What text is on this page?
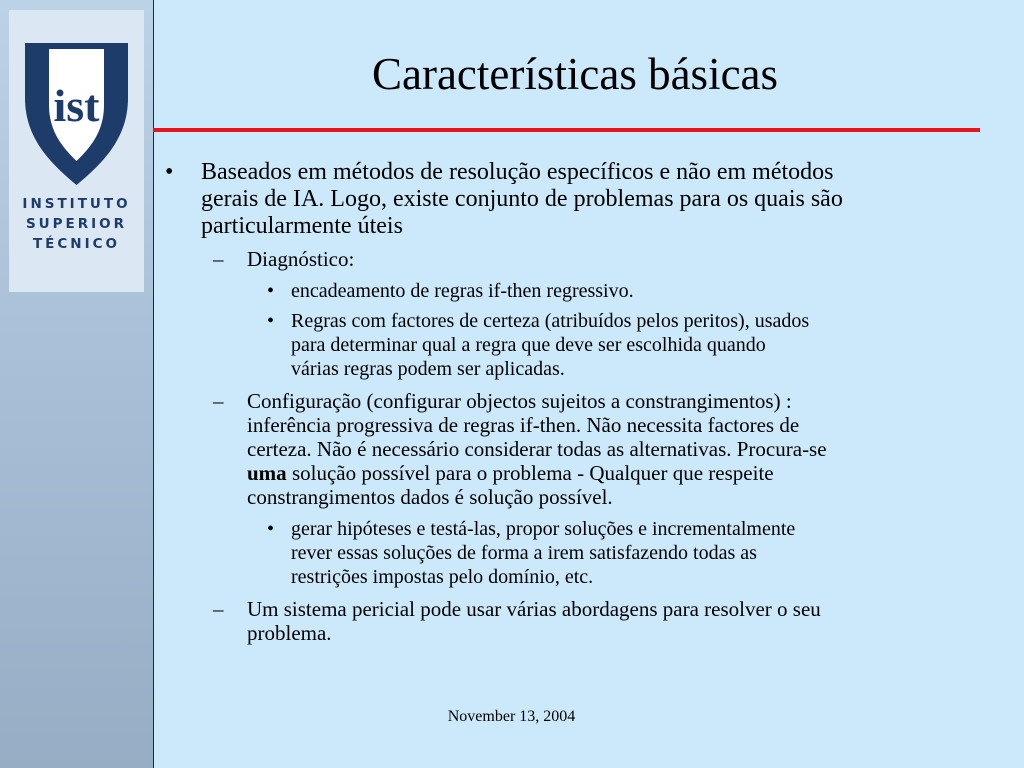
ist
INSTITUTO
SUPERIOR
TÉCNICO
Características básicas
• Baseados em métodos de resolução específicos e não em métodos
gerais de IA. Logo, existe conjunto de problemas para os quais são
particularmente úteis
– Diagnóstico:
• encadeamento de regras if-then regressivo.
• Regras com factores de certeza (atribuídos pelos peritos), usados
para determinar qual a regra que deve ser escolhida quando
várias regras podem ser aplicadas.
– Configuração (configurar objectos sujeitos a constrangimentos) :
inferência progressiva de regras if-then. Não necessita factores de
certeza. Não é necessário considerar todas as alternativas. Procura-se
uma solução possível para o problema - Qualquer que respeite
constrangimentos dados é solução possível.
• gerar hipóteses e testá-las, propor soluções e incrementalmente
rever essas soluções de forma a irem satisfazendo todas as
restrições impostas pelo domínio, etc.
– Um sistema pericial pode usar várias abordagens para resolver o seu
problema.
November 13, 2004
